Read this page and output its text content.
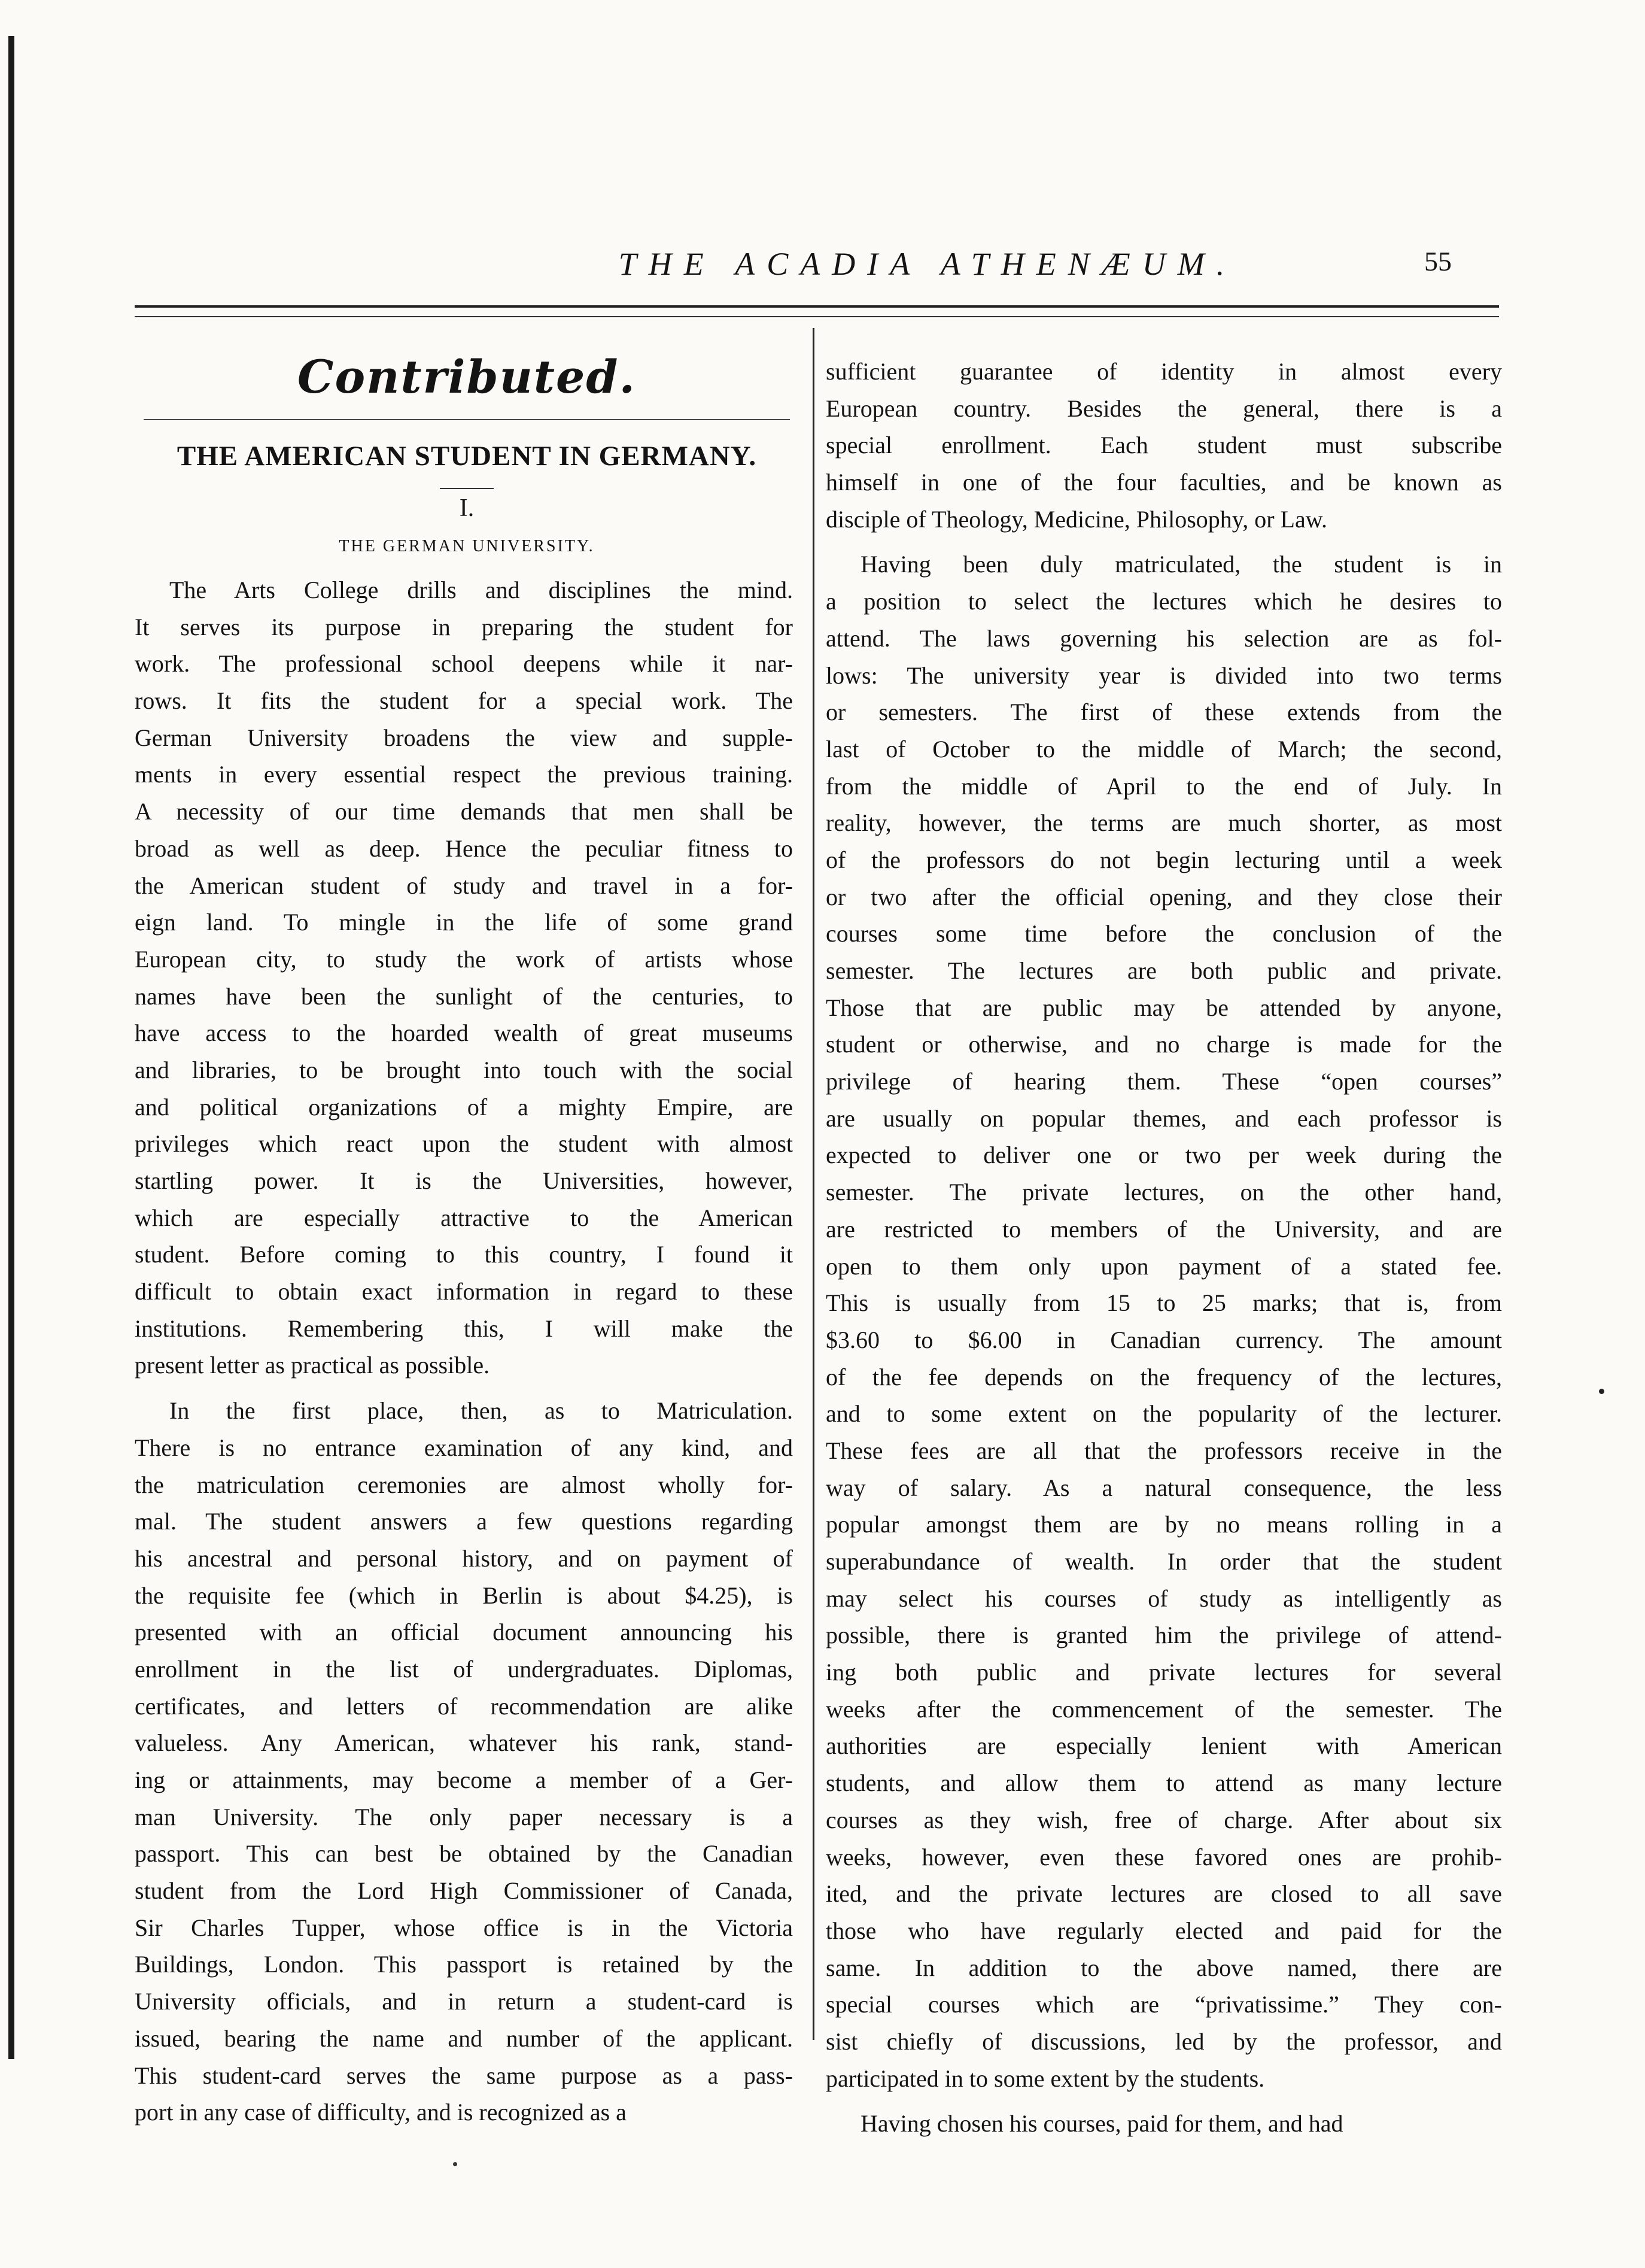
THE ACADIA ATHENÆUM.	55
Contributed.
THE AMERICAN STUDENT IN GERMANY.
I.
THE GERMAN UNIVERSITY.
The Arts College drills and disciplines the mind.
It serves its purpose in preparing the student for
work. The professional school deepens while it nar-
rows. It fits the student for a special work. The
German University broadens the view and supple-
ments in every essential respect the previous training.
A necessity of our time demands that men shall be
broad as well as deep. Hence the peculiar fitness to
the American student of study and travel in a for-
eign land. To mingle in the life of some grand
European city, to study the work of artists whose
names have been the sunlight of the centuries, to
have access to the hoarded wealth of great museums
and libraries, to be brought into touch with the social
and political organizations of a mighty Empire, are
privileges which react upon the student with almost
startling power. It is the Universities, however,
which are especially attractive to the American
student. Before coming to this country, I found it
difficult to obtain exact information in regard to these
institutions. Remembering this, I will make the
present letter as practical as possible.
In the first place, then, as to Matriculation.
There is no entrance examination of any kind, and
the matriculation ceremonies are almost wholly for-
mal. The student answers a few questions regarding
his ancestral and personal history, and on payment of
the requisite fee (which in Berlin is about $4.25), is
presented with an official document announcing his
enrollment in the list of undergraduates. Diplomas,
certificates, and letters of recommendation are alike
valueless. Any American, whatever his rank, stand-
ing or attainments, may become a member of a Ger-
man University. The only paper necessary is a
passport. This can best be obtained by the Canadian
student from the Lord High Commissioner of Canada,
Sir Charles Tupper, whose office is in the Victoria
Buildings, London. This passport is retained by the
University officials, and in return a student-card is
issued, bearing the name and number of the applicant.
This student-card serves the same purpose as a pass-
port in any case of difficulty, and is recognized as a
sufficient guarantee of identity in almost every
European country. Besides the general, there is a
special enrollment. Each student must subscribe
himself in one of the four faculties, and be known as
disciple of Theology, Medicine, Philosophy, or Law.
Having been duly matriculated, the student is in
a position to select the lectures which he desires to
attend. The laws governing his selection are as fol-
lows: The university year is divided into two terms
or semesters. The first of these extends from the
last of October to the middle of March; the second,
from the middle of April to the end of July. In
reality, however, the terms are much shorter, as most
of the professors do not begin lecturing until a week
or two after the official opening, and they close their
courses some time before the conclusion of the
semester. The lectures are both public and private.
Those that are public may be attended by anyone,
student or otherwise, and no charge is made for the
privilege of hearing them. These “open courses”
are usually on popular themes, and each professor is
expected to deliver one or two per week during the
semester. The private lectures, on the other hand,
are restricted to members of the University, and are
open to them only upon payment of a stated fee.
This is usually from 15 to 25 marks; that is, from
$3.60 to $6.00 in Canadian currency. The amount
of the fee depends on the frequency of the lectures,
and to some extent on the popularity of the lecturer.
These fees are all that the professors receive in the
way of salary. As a natural consequence, the less
popular amongst them are by no means rolling in a
superabundance of wealth. In order that the student
may select his courses of study as intelligently as
possible, there is granted him the privilege of attend-
ing both public and private lectures for several
weeks after the commencement of the semester. The
authorities are especially lenient with American
students, and allow them to attend as many lecture
courses as they wish, free of charge. After about six
weeks, however, even these favored ones are prohib-
ited, and the private lectures are closed to all save
those who have regularly elected and paid for the
same. In addition to the above named, there are
special courses which are “privatissime.” They con-
sist chiefly of discussions, led by the professor, and
participated in to some extent by the students.
Having chosen his courses, paid for them, and had
